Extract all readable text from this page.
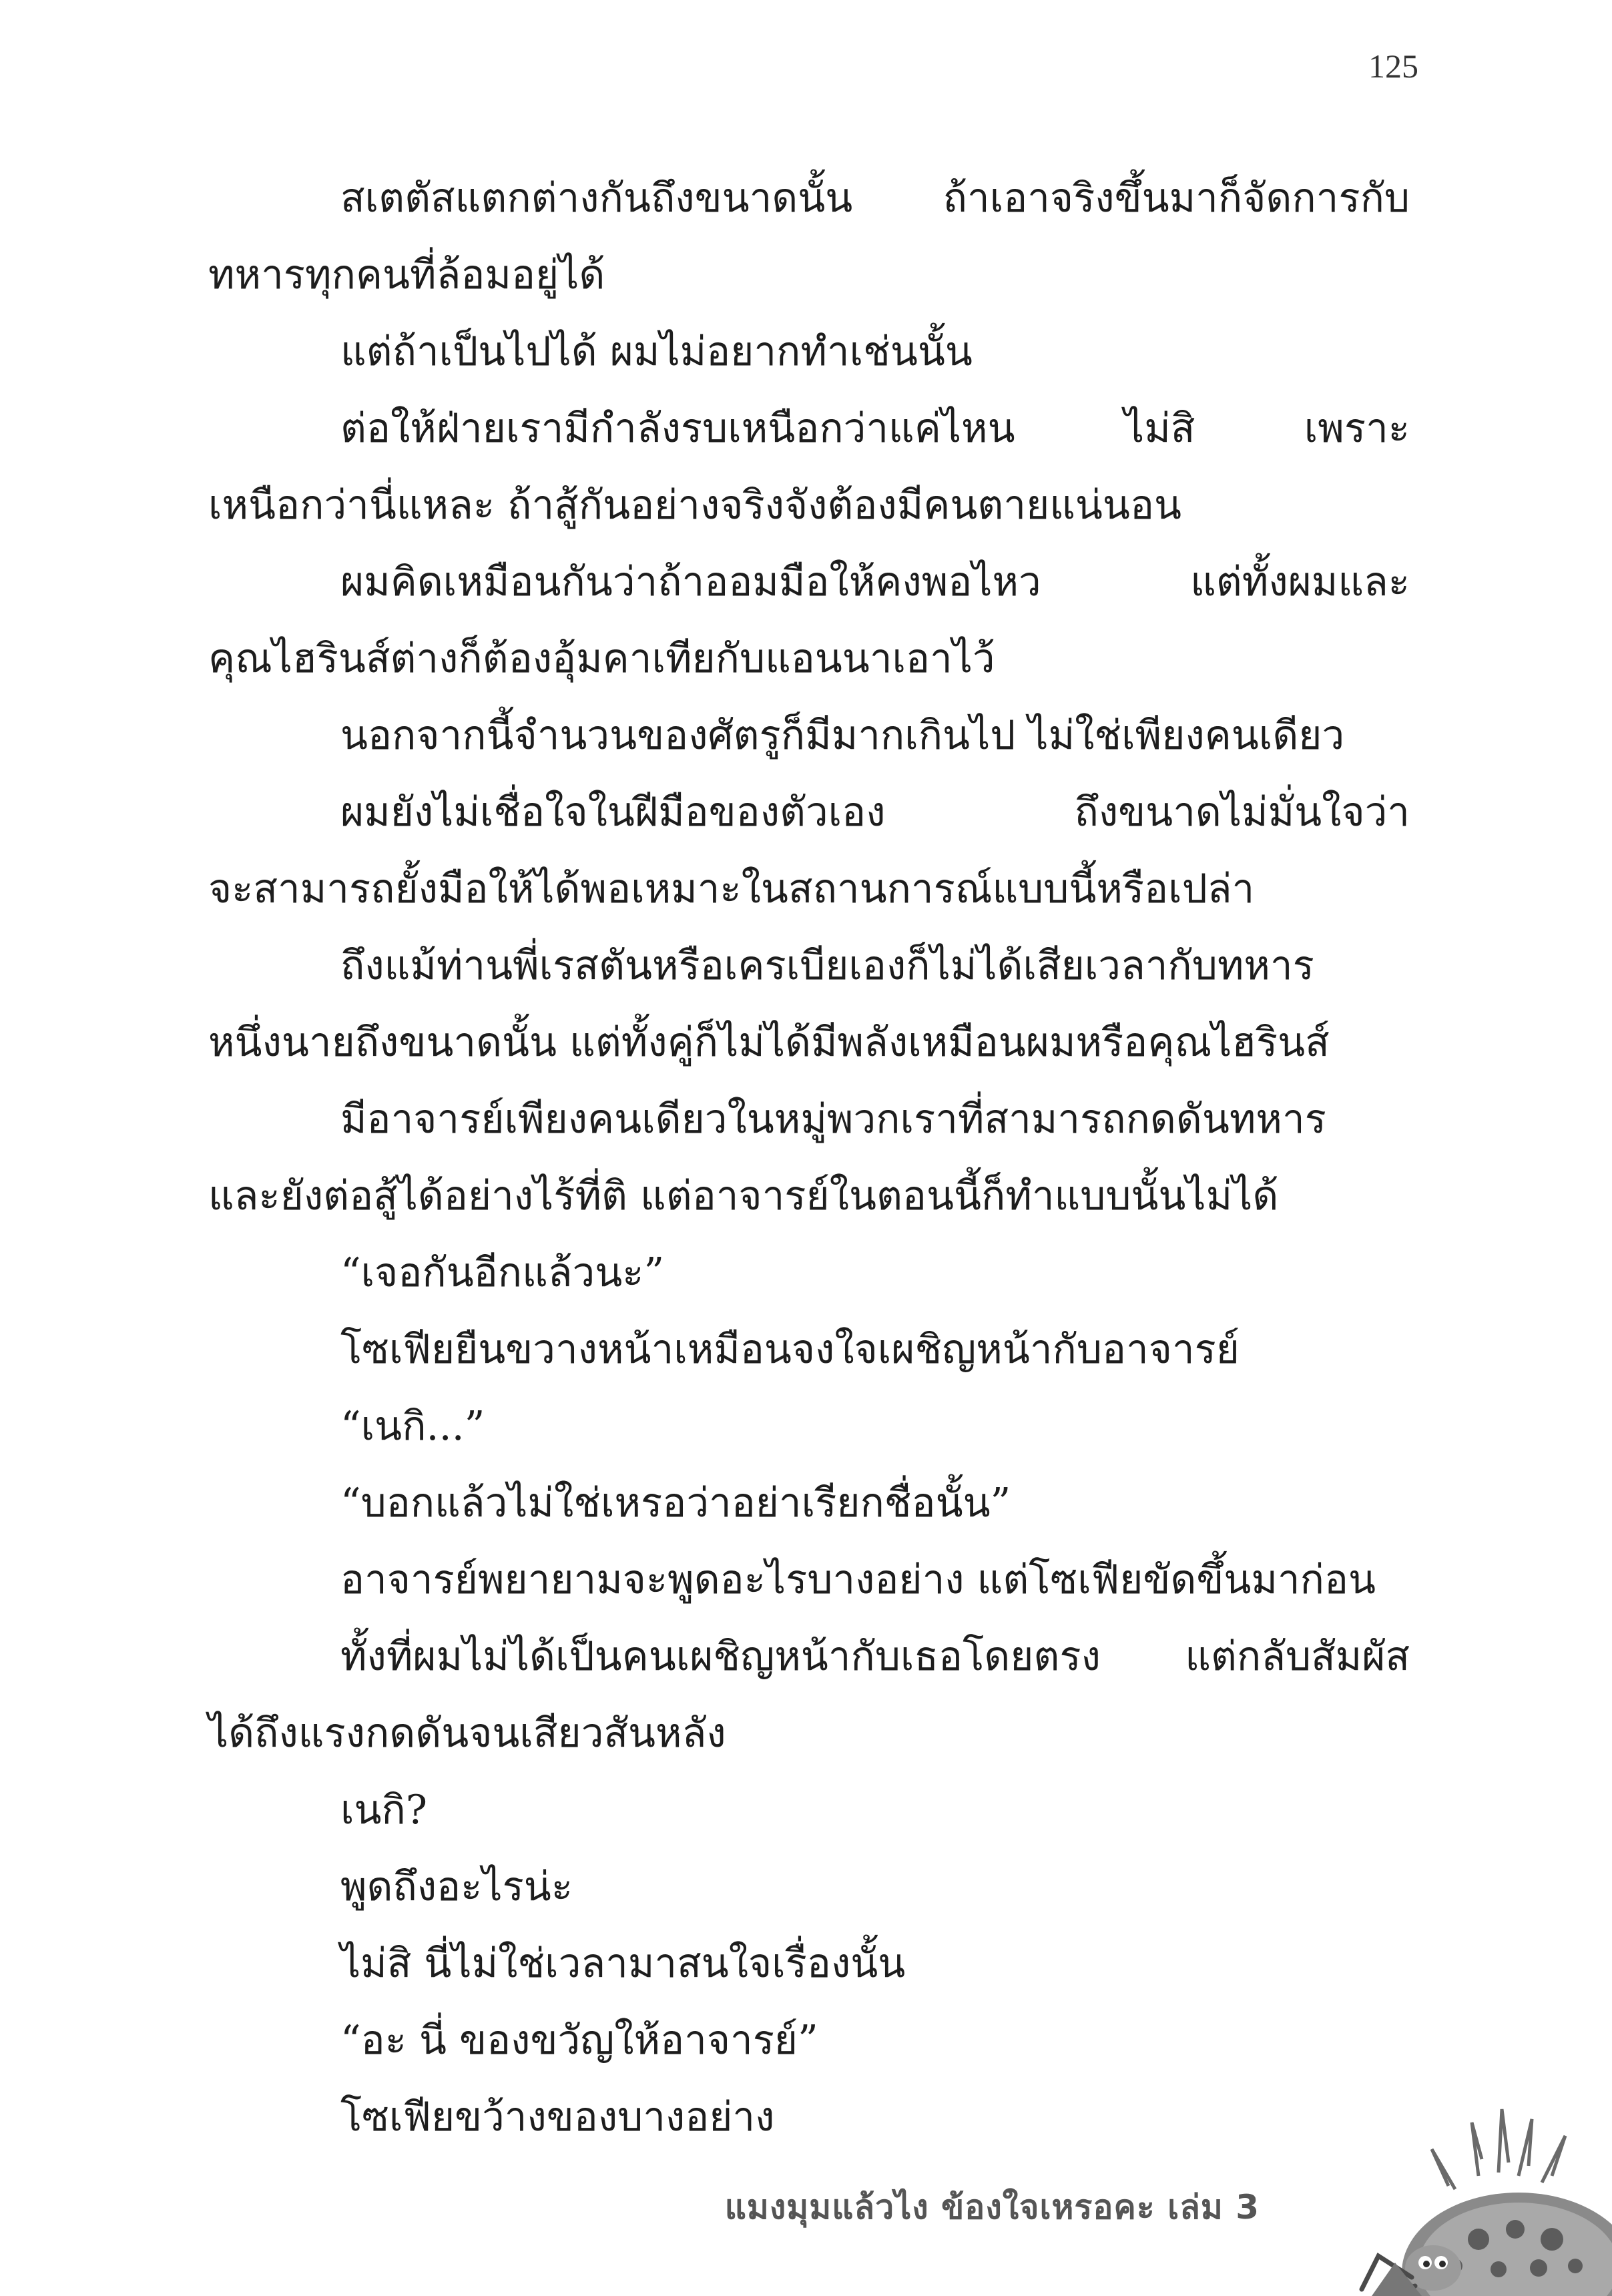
125

สเตตัสแตกต่างกันถึงขนาดนั้น ถ้าเอาจริงขึ้นมาก็จัดการกับ
ทหารทุกคนที่ล้อมอยู่ได้

แต่ถ้าเป็นไปได้ ผมไม่อยากทำเช่นนั้น

ต่อให้ฝ่ายเรามีกำลังรบเหนือกว่าแค่ไหน ไม่สิ เพราะ
เหนือกว่านี่แหละ ถ้าสู้กันอย่างจริงจังต้องมีคนตายแน่นอน

ผมคิดเหมือนกันว่าถ้าออมมือให้คงพอไหว แต่ทั้งผมและ
คุณไฮรินส์ต่างก็ต้องอุ้มคาเทียกับแอนนาเอาไว้

นอกจากนี้จำนวนของศัตรูก็มีมากเกินไป ไม่ใช่เพียงคนเดียว

ผมยังไม่เชื่อใจในฝีมือของตัวเอง ถึงขนาดไม่มั่นใจว่า
จะสามารถยั้งมือให้ได้พอเหมาะในสถานการณ์แบบนี้หรือเปล่า

ถึงแม้ท่านพี่เรสตันหรือเครเบียเองก็ไม่ได้เสียเวลากับทหาร
หนึ่งนายถึงขนาดนั้น แต่ทั้งคู่ก็ไม่ได้มีพลังเหมือนผมหรือคุณไฮรินส์

มีอาจารย์เพียงคนเดียวในหมู่พวกเราที่สามารถกดดันทหาร
และยังต่อสู้ได้อย่างไร้ที่ติ แต่อาจารย์ในตอนนี้ก็ทำแบบนั้นไม่ได้

“เจอกันอีกแล้วนะ”

โซเฟียยืนขวางหน้าเหมือนจงใจเผชิญหน้ากับอาจารย์

“เนกิ...”

“บอกแล้วไม่ใช่เหรอว่าอย่าเรียกชื่อนั้น”

อาจารย์พยายามจะพูดอะไรบางอย่าง แต่โซเฟียขัดขึ้นมาก่อน

ทั้งที่ผมไม่ได้เป็นคนเผชิญหน้ากับเธอโดยตรง แต่กลับสัมผัส
ได้ถึงแรงกดดันจนเสียวสันหลัง

เนกิ?

พูดถึงอะไรน่ะ

ไม่สิ นี่ไม่ใช่เวลามาสนใจเรื่องนั้น

“อะ นี่ ของขวัญให้อาจารย์”

โซเฟียขว้างของบางอย่าง

แมงมุมแล้วไง ข้องใจเหรอคะ เล่ม 3
